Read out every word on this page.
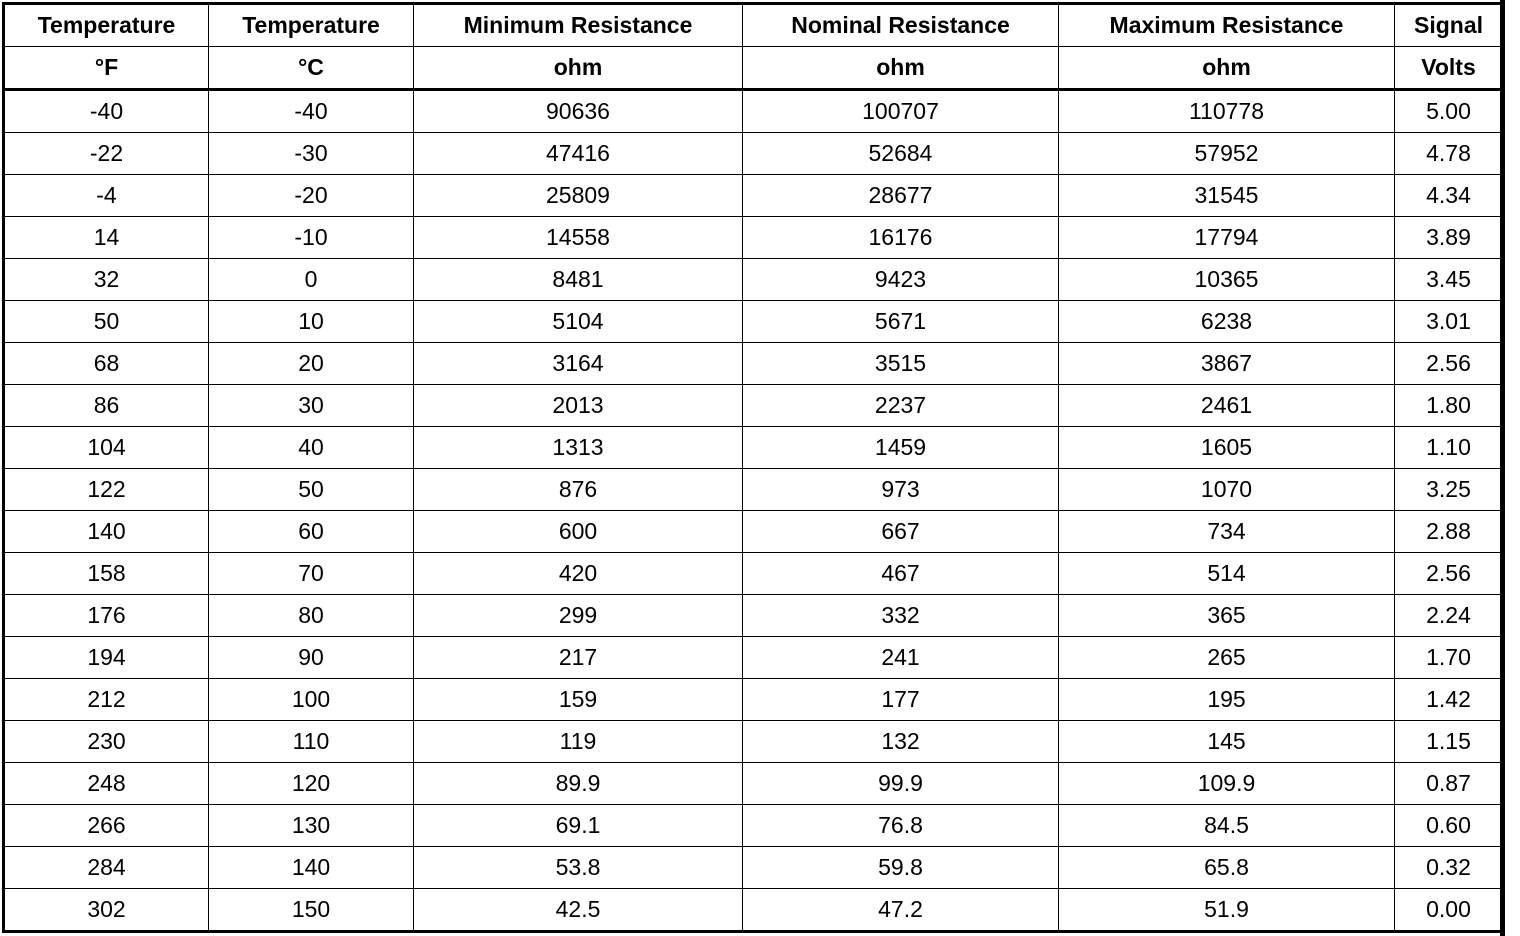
Temperature	Temperature	Minimum Resistance	Nominal Resistance	Maximum Resistance	Signal
°F	°C	ohm	ohm	ohm	Volts
-40	-40	90636	100707	110778	5.00
-22	-30	47416	52684	57952	4.78
-4	-20	25809	28677	31545	4.34
14	-10	14558	16176	17794	3.89
32	0	8481	9423	10365	3.45
50	10	5104	5671	6238	3.01
68	20	3164	3515	3867	2.56
86	30	2013	2237	2461	1.80
104	40	1313	1459	1605	1.10
122	50	876	973	1070	3.25
140	60	600	667	734	2.88
158	70	420	467	514	2.56
176	80	299	332	365	2.24
194	90	217	241	265	1.70
212	100	159	177	195	1.42
230	110	119	132	145	1.15
248	120	89.9	99.9	109.9	0.87
266	130	69.1	76.8	84.5	0.60
284	140	53.8	59.8	65.8	0.32
302	150	42.5	47.2	51.9	0.00
